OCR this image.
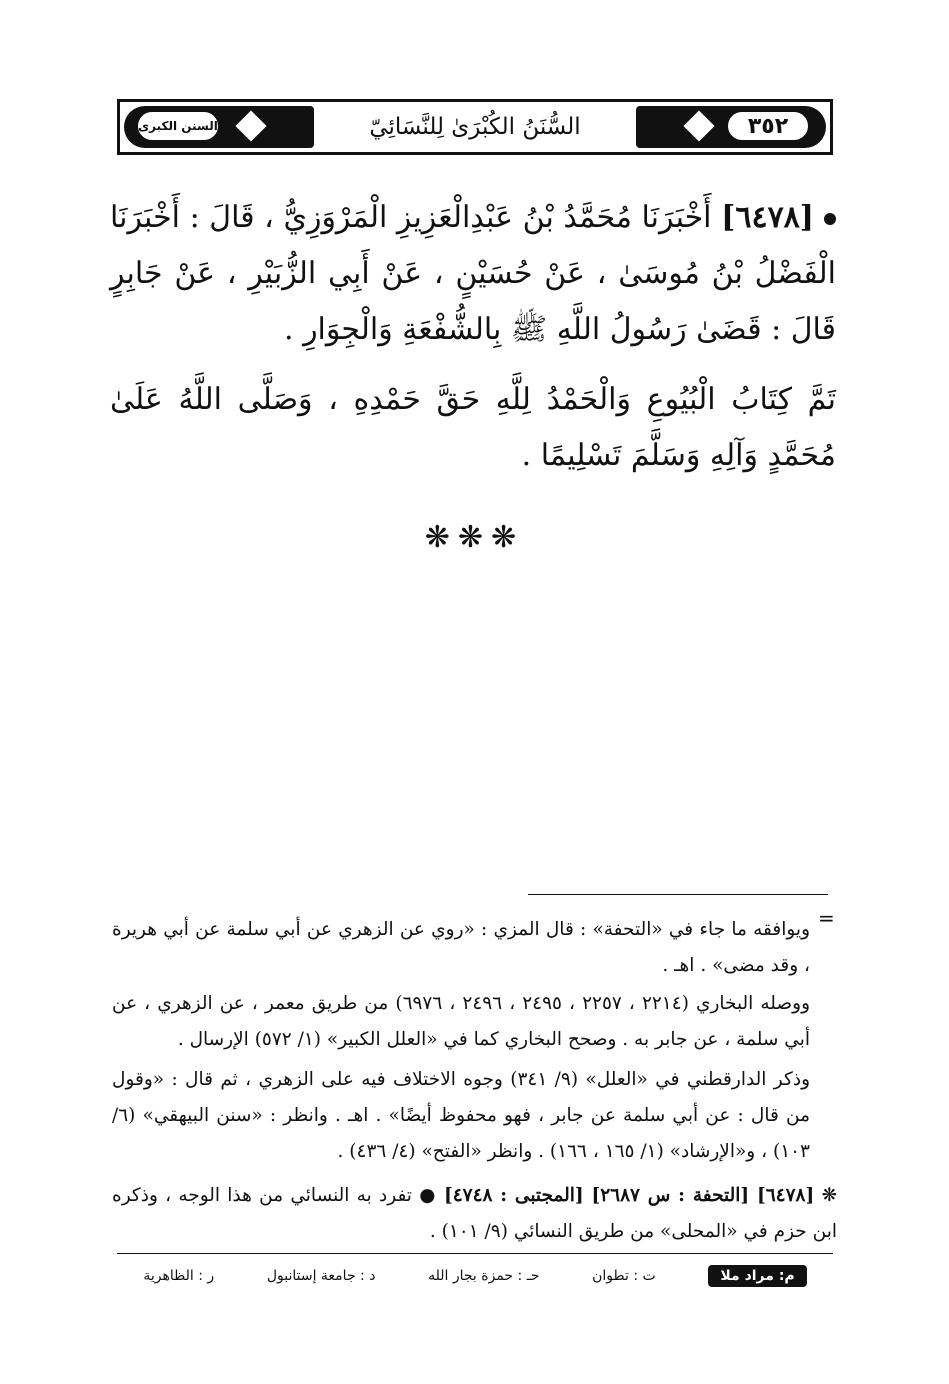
٣٥٢
السنن الكبرى	السُّنَنُ الكُبْرَىٰ لِلنَّسَائِيّ
[٦٤٧٨] أَخْبَرَنَا مُحَمَّدُ بْنُ عَبْدِالْعَزِيزِ الْمَرْوَزِيُّ ، قَالَ : أَخْبَرَنَا الْفَضْلُ بْنُ مُوسَىٰ ، عَنْ حُسَيْنٍ ، عَنْ أَبِي الزُّبَيْرِ ، عَنْ جَابِرٍ قَالَ : قَضَىٰ رَسُولُ اللَّهِ ﷺ بِالشُّفْعَةِ وَالْجِوَارِ .
تَمَّ كِتَابُ الْبُيُوعِ وَالْحَمْدُ لِلَّهِ حَقَّ حَمْدِهِ ، وَصَلَّى اللَّهُ عَلَىٰ مُحَمَّدٍ وَآلِهِ وَسَلَّمَ تَسْلِيمًا .
❋❋❋
=
ويوافقه ما جاء في «التحفة» : قال المزي : «روي عن الزهري عن أبي سلمة عن أبي هريرة ، وقد مضى» . اهـ .
ووصله البخاري (٢٢١٤ ، ٢٢٥٧ ، ٢٤٩٥ ، ٢٤٩٦ ، ٦٩٧٦) من طريق معمر ، عن الزهري ، عن أبي سلمة ، عن جابر به . وصحح البخاري كما في «العلل الكبير» (١/ ٥٧٢) الإرسال .
وذكر الدارقطني في «العلل» (٩/ ٣٤١) وجوه الاختلاف فيه على الزهري ، ثم قال : «وقول من قال : عن أبي سلمة عن جابر ، فهو محفوظ أيضًا» . اهـ . وانظر : «سنن البيهقي» (٦/ ١٠٣) ، و«الإرشاد» (١/ ١٦٥ ، ١٦٦) . وانظر «الفتح» (٤/ ٤٣٦) .
❋ [٦٤٧٨] [التحفة : س ٢٦٨٧] [المجتبى : ٤٧٤٨] ● تفرد به النسائي من هذا الوجه ، وذكره ابن حزم في «المحلى» من طريق النسائي (٩/ ١٠١) .
م: مراد ملا
ت : تطوان
حـ : حمزة بجار الله
د : جامعة إستانبول
ر : الظاهرية
